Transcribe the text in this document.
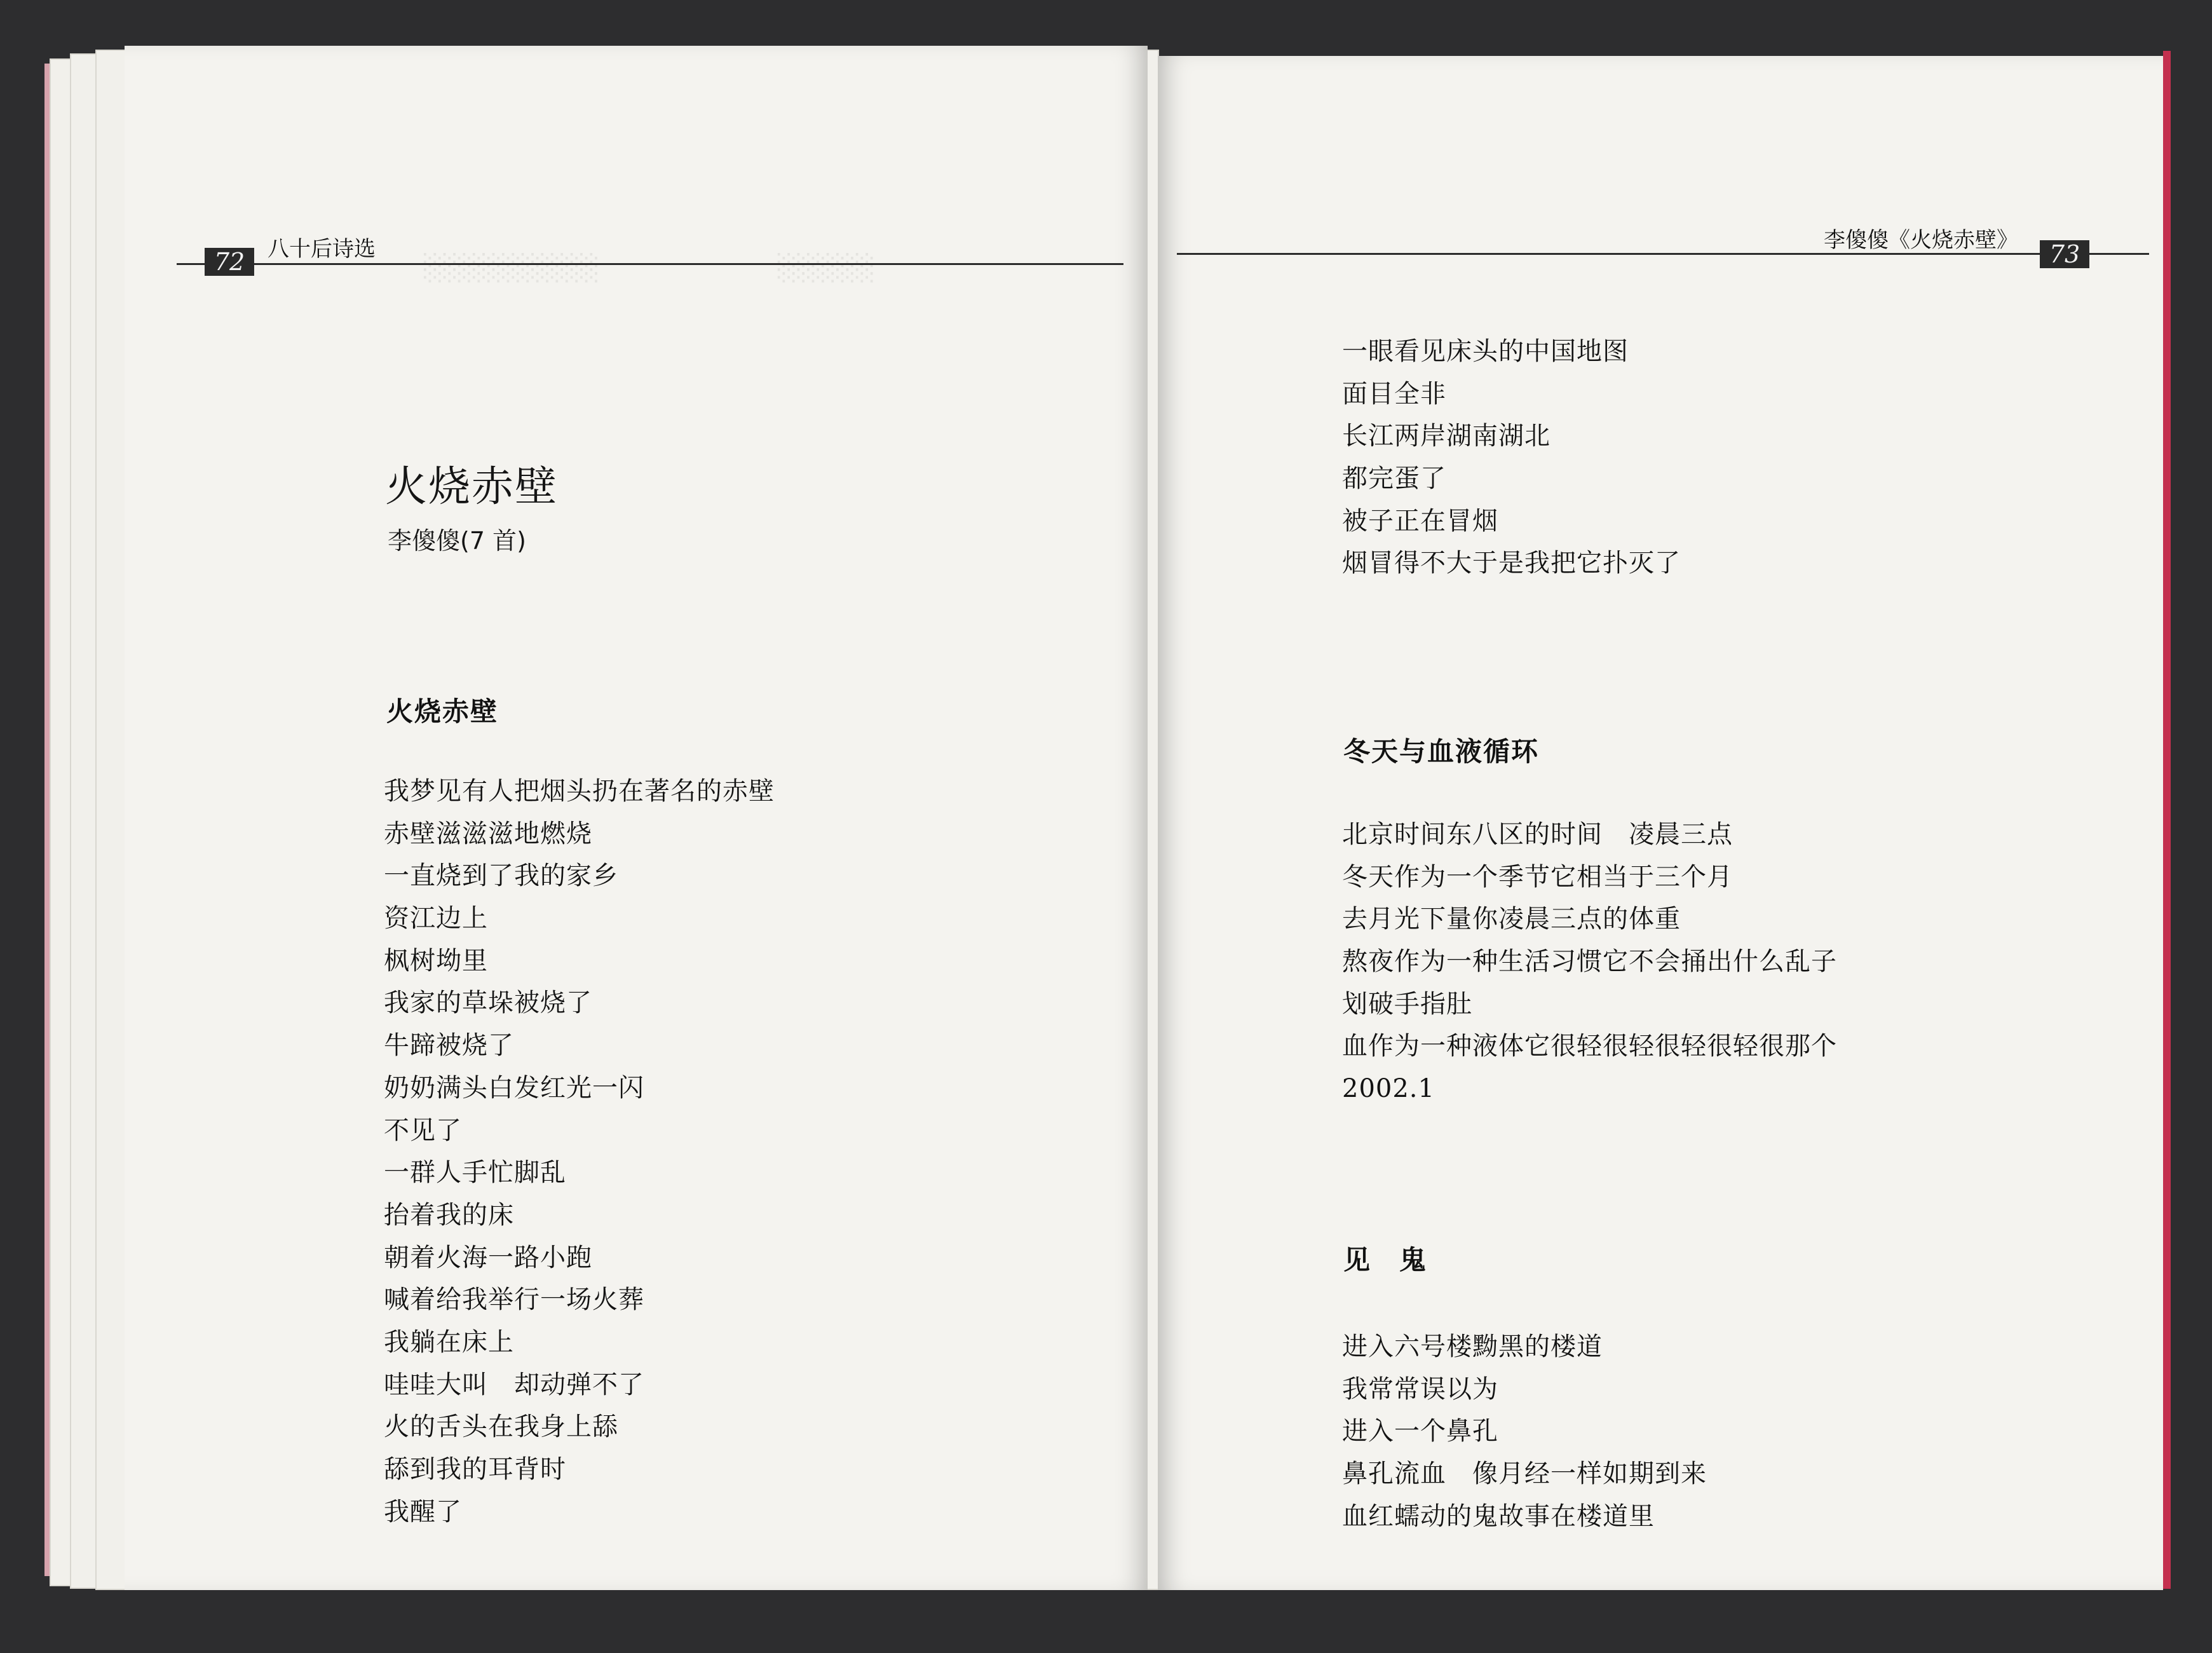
░░░░░░░░░　　　　　　　░░░░░

72	八十后诗选
火烧赤壁
李傻傻(7 首)
火烧赤壁
我梦见有人把烟头扔在著名的赤壁
赤壁滋滋滋地燃烧
一直烧到了我的家乡
资江边上
枫树坳里
我家的草垛被烧了
牛蹄被烧了
奶奶满头白发红光一闪
不见了
一群人手忙脚乱
抬着我的床
朝着火海一路小跑
喊着给我举行一场火葬
我躺在床上
哇哇大叫　却动弹不了
火的舌头在我身上舔
舔到我的耳背时
我醒了
李傻傻《火烧赤壁》	73
一眼看见床头的中国地图
面目全非
长江两岸湖南湖北
都完蛋了
被子正在冒烟
烟冒得不大于是我把它扑灭了
冬天与血液循环
北京时间东八区的时间　凌晨三点
冬天作为一个季节它相当于三个月
去月光下量你凌晨三点的体重
熬夜作为一种生活习惯它不会捅出什么乱子
划破手指肚
血作为一种液体它很轻很轻很轻很轻很那个
2002.1
见　鬼
进入六号楼黝黑的楼道
我常常误以为
进入一个鼻孔
鼻孔流血　像月经一样如期到来
血红蠕动的鬼故事在楼道里
